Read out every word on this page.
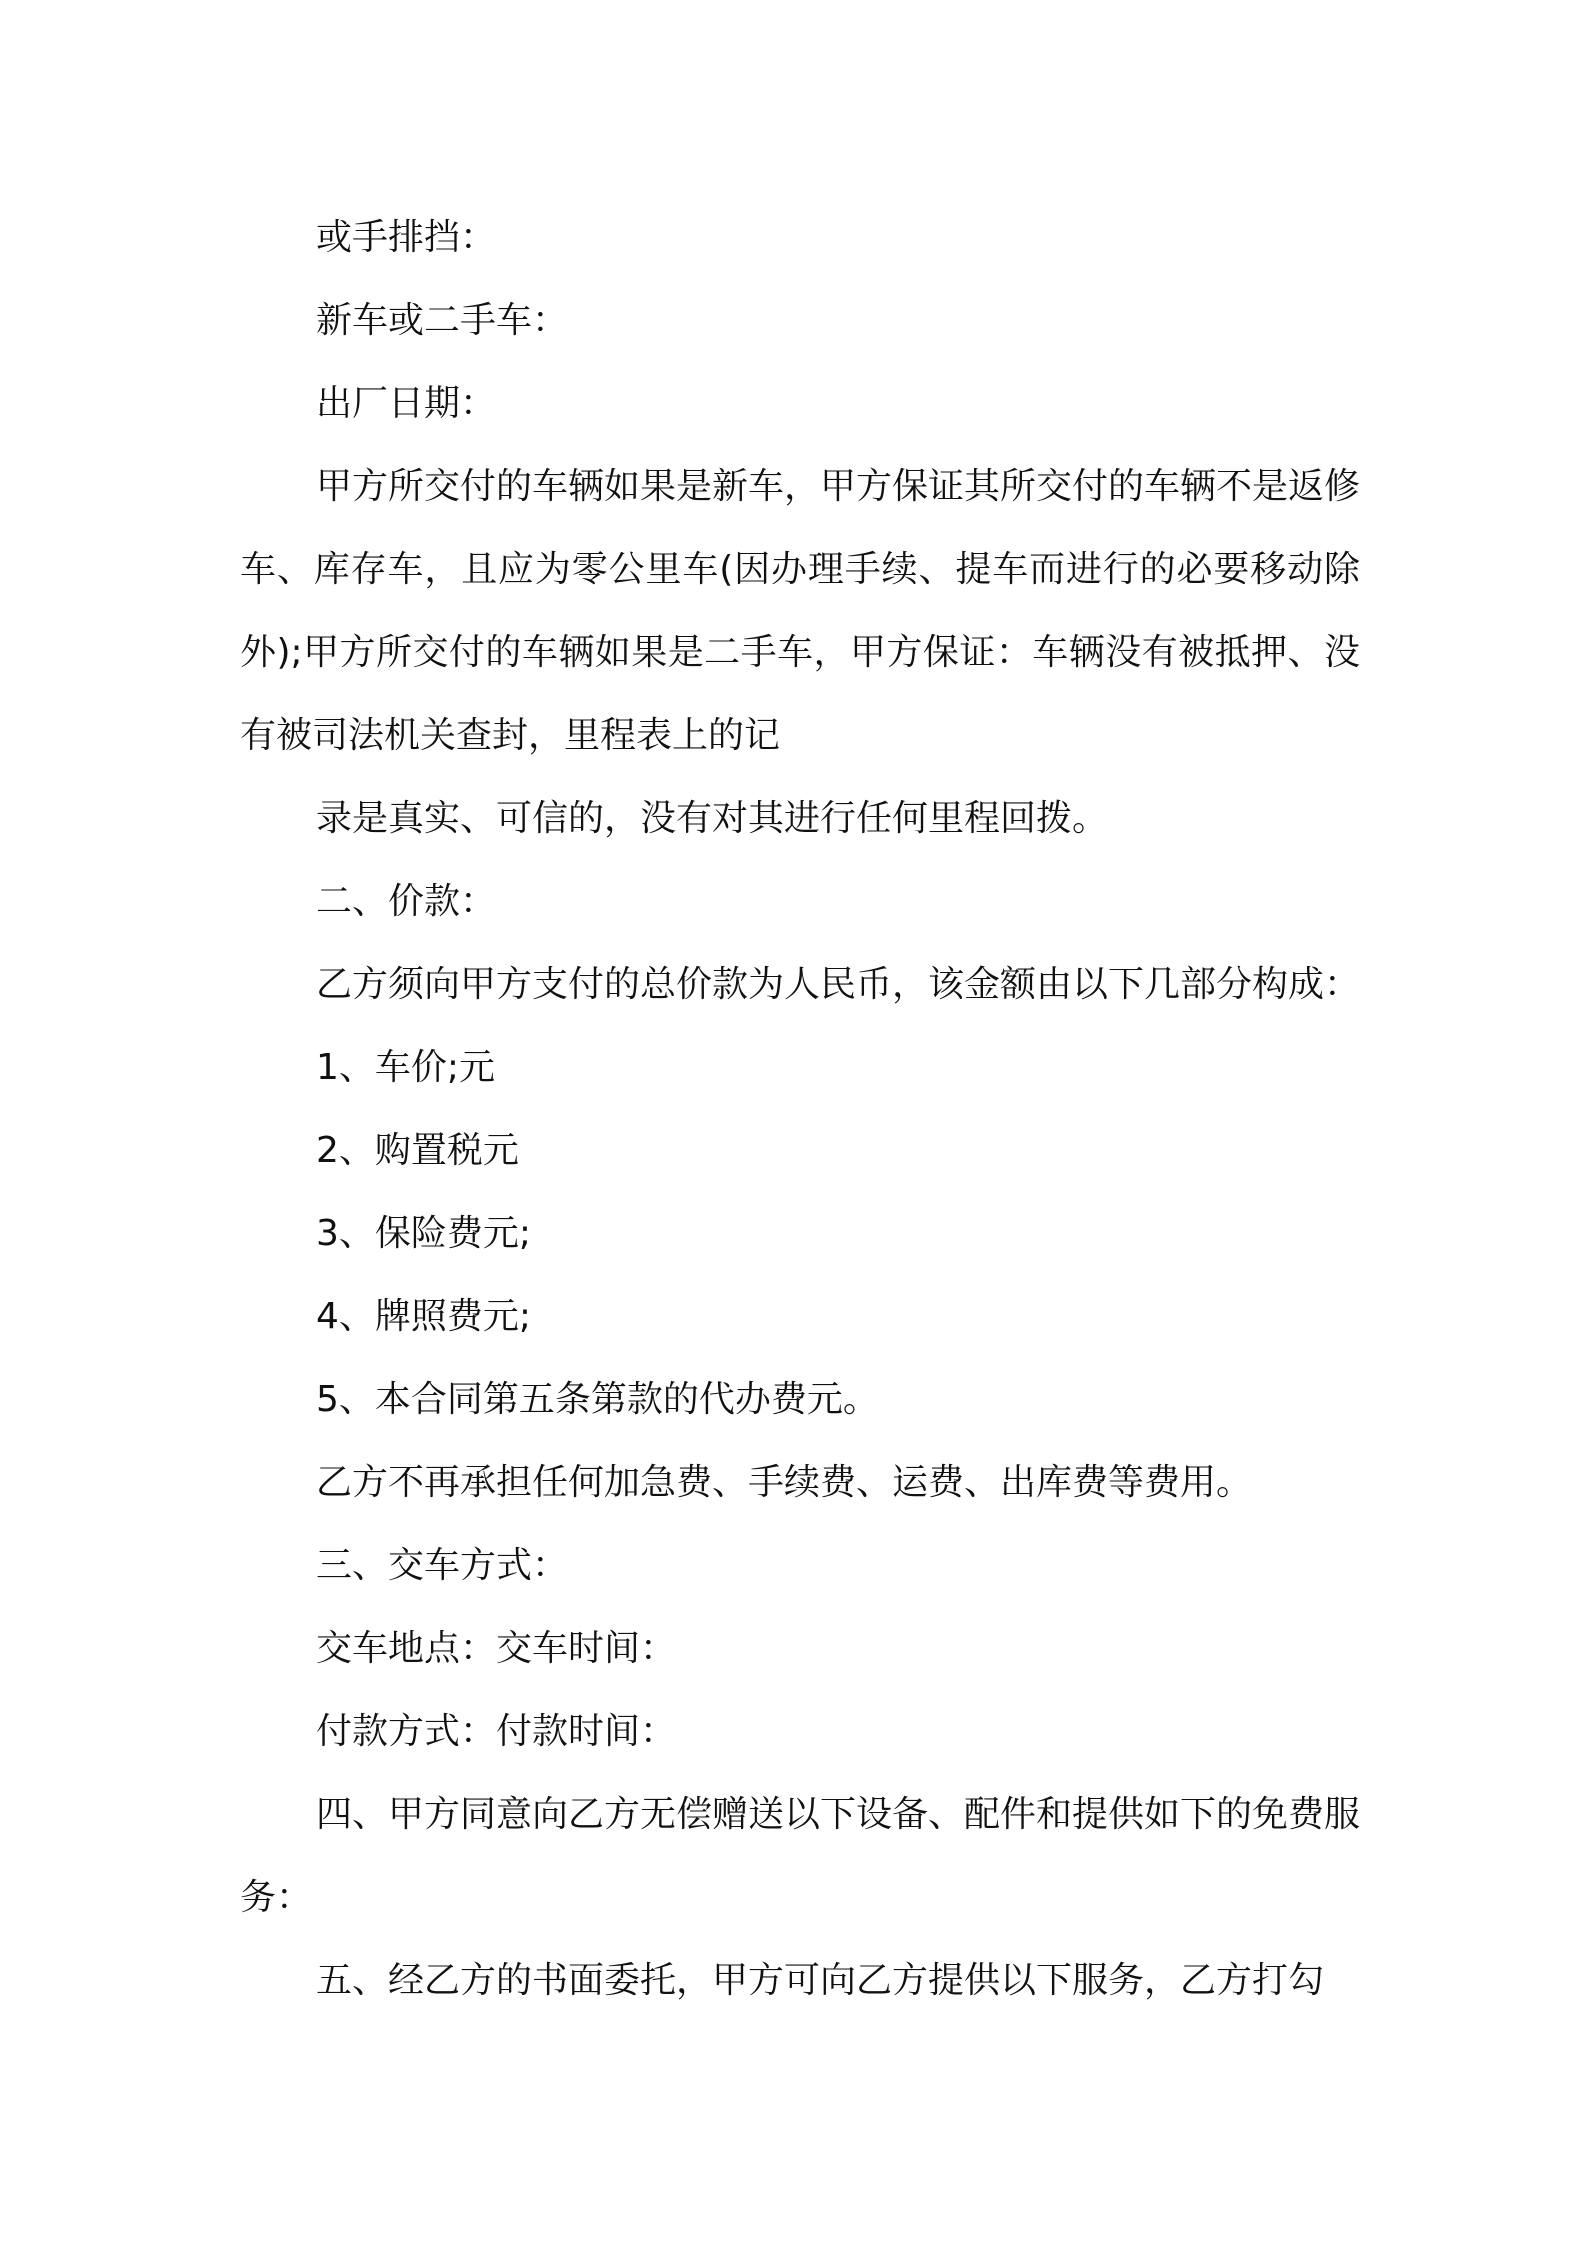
或手排挡：

新车或二手车：

出厂日期：

甲方所交付的车辆如果是新车，甲方保证其所交付的车辆不是返修车、库存车，且应为零公里车(因办理手续、提车而进行的必要移动除外);甲方所交付的车辆如果是二手车，甲方保证：车辆没有被抵押、没有被司法机关查封，里程表上的记

录是真实、可信的，没有对其进行任何里程回拨。

二、价款：

乙方须向甲方支付的总价款为人民币，该金额由以下几部分构成：

1、车价;元

2、购置税元

3、保险费元;

4、牌照费元;

5、本合同第五条第款的代办费元。

乙方不再承担任何加急费、手续费、运费、出库费等费用。

三、交车方式：

交车地点：交车时间：

付款方式：付款时间：

四、甲方同意向乙方无偿赠送以下设备、配件和提供如下的免费服务：

五、经乙方的书面委托，甲方可向乙方提供以下服务，乙方打勾
